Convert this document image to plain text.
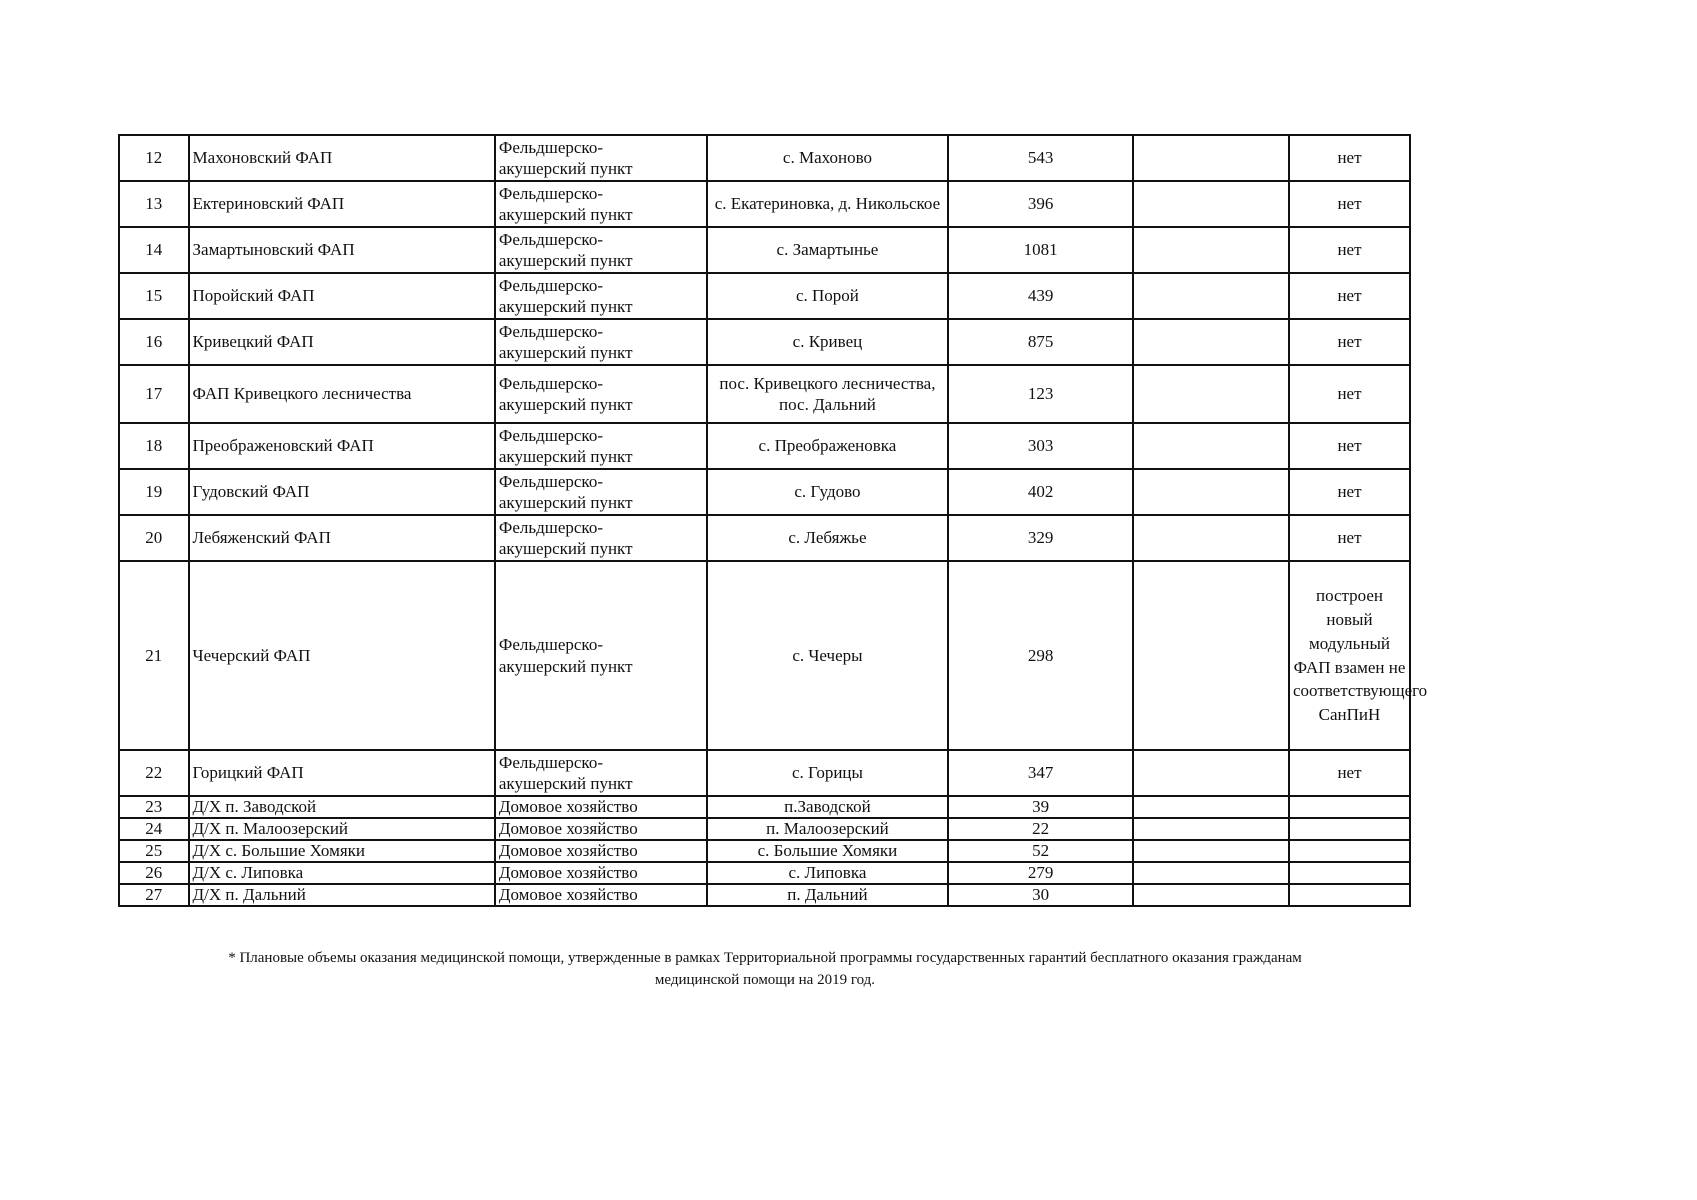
12	Махоновский ФАП	Фельдшерско-
акушерский пункт	с. Махоново	543		нет
13	Ектериновский ФАП	Фельдшерско-
акушерский пункт	с. Екатериновка, д. Никольское	396		нет
14	Замартыновский ФАП	Фельдшерско-
акушерский пункт	с. Замартынье	1081		нет
15	Поройский ФАП	Фельдшерско-
акушерский пункт	с. Порой	439		нет
16	Кривецкий ФАП	Фельдшерско-
акушерский пункт	с. Кривец	875		нет
17	ФАП Кривецкого лесничества	Фельдшерско-
акушерский пункт	пос. Кривецкого лесничества, пос. Дальний	123		нет
18	Преображеновский ФАП	Фельдшерско-
акушерский пункт	с. Преображеновка	303		нет
19	Гудовский ФАП	Фельдшерско-
акушерский пункт	с. Гудово	402		нет
20	Лебяженский ФАП	Фельдшерско-
акушерский пункт	с. Лебяжье	329		нет
21	Чечерский ФАП	Фельдшерско-
акушерский пункт	с. Чечеры	298		построен новый модульный ФАП взамен не соответствующего СанПиН
22	Горицкий ФАП	Фельдшерско-
акушерский пункт	с. Горицы	347		нет
23	Д/Х п. Заводской	Домовое хозяйство	п.Заводской	39		
24	Д/Х п. Малоозерский	Домовое хозяйство	п. Малоозерский	22		
25	Д/Х с. Большие Хомяки	Домовое хозяйство	с. Большие Хомяки	52		
26	Д/Х с. Липовка	Домовое хозяйство	с. Липовка	279		
27	Д/Х п. Дальний	Домовое хозяйство	п. Дальний	30		
* Плановые объемы оказания медицинской помощи, утвержденные в рамках Территориальной программы государственных гарантий бесплатного оказания гражданам
медицинской помощи на 2019 год.
